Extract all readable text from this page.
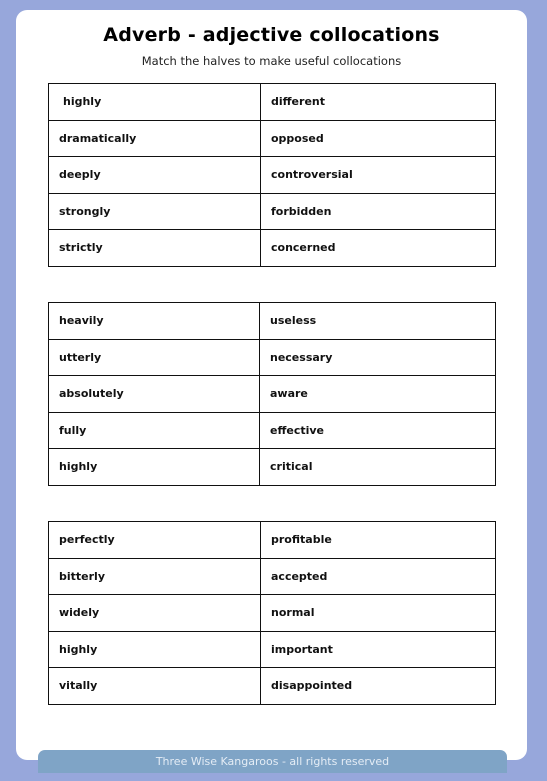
Adverb - adjective collocations

Match the halves to make useful collocations

highly	different
dramatically	opposed
deeply	controversial
strongly	forbidden
strictly	concerned
heavily	useless
utterly	necessary
absolutely	aware
fully	effective
highly	critical
perfectly	profitable
bitterly	accepted
widely	normal
highly	important
vitally	disappointed
Three Wise Kangaroos - all rights reserved
